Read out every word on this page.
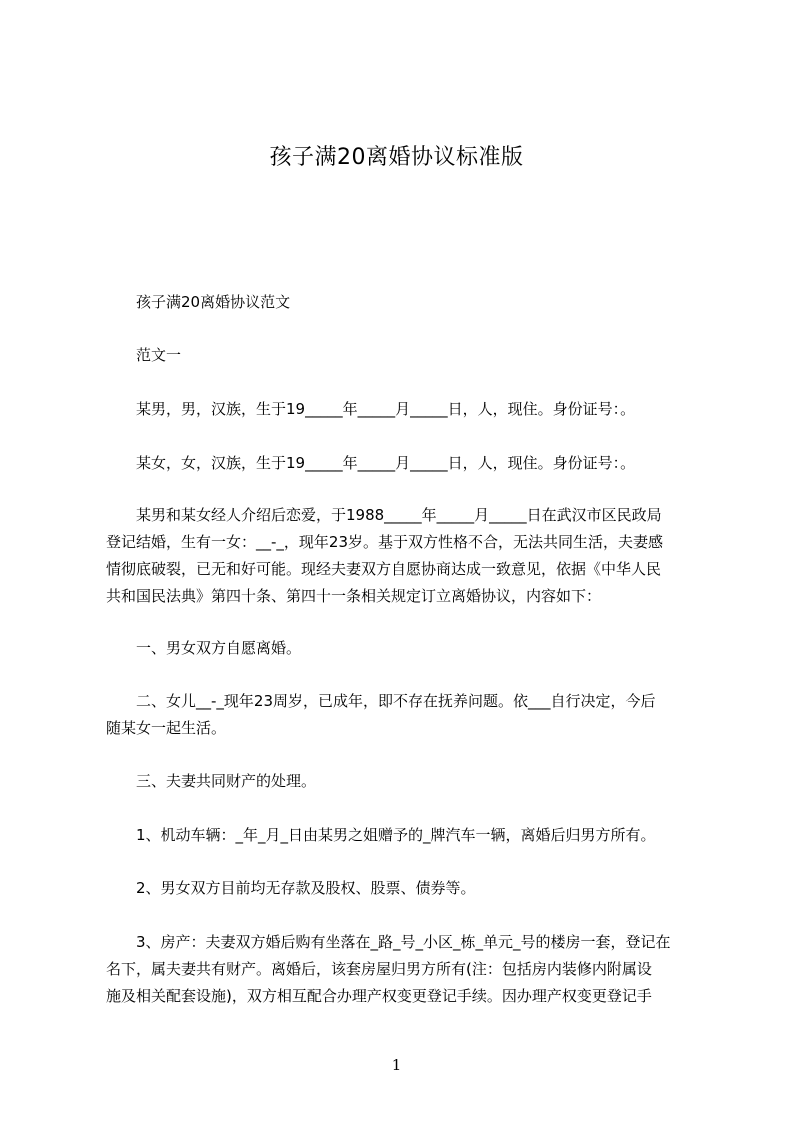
孩子满20离婚协议标准版
孩子满20离婚协议范文
范文一
某男，男，汉族，生于19_____年_____月_____日，人，现住。身份证号：。
某女，女，汉族，生于19_____年_____月_____日，人，现住。身份证号：。
某男和某女经人介绍后恋爱，于1988_____年_____月_____日在武汉市区民政局
登记结婚，生有一女：__-_，现年23岁。基于双方性格不合，无法共同生活，夫妻感
情彻底破裂，已无和好可能。现经夫妻双方自愿协商达成一致意见，依据《中华人民
共和国民法典》第四十条、第四十一条相关规定订立离婚协议，内容如下：
一、男女双方自愿离婚。
二、女儿__-_现年23周岁，已成年，即不存在抚养问题。依___自行决定，今后
随某女一起生活。
三、夫妻共同财产的处理。
1、机动车辆：_年_月_日由某男之姐赠予的_牌汽车一辆，离婚后归男方所有。
2、男女双方目前均无存款及股权、股票、债券等。
3、房产：夫妻双方婚后购有坐落在_路_号_小区_栋_单元_号的楼房一套，登记在
名下，属夫妻共有财产。离婚后，该套房屋归男方所有(注：包括房内装修内附属设
施及相关配套设施)，双方相互配合办理产权变更登记手续。因办理产权变更登记手
1
